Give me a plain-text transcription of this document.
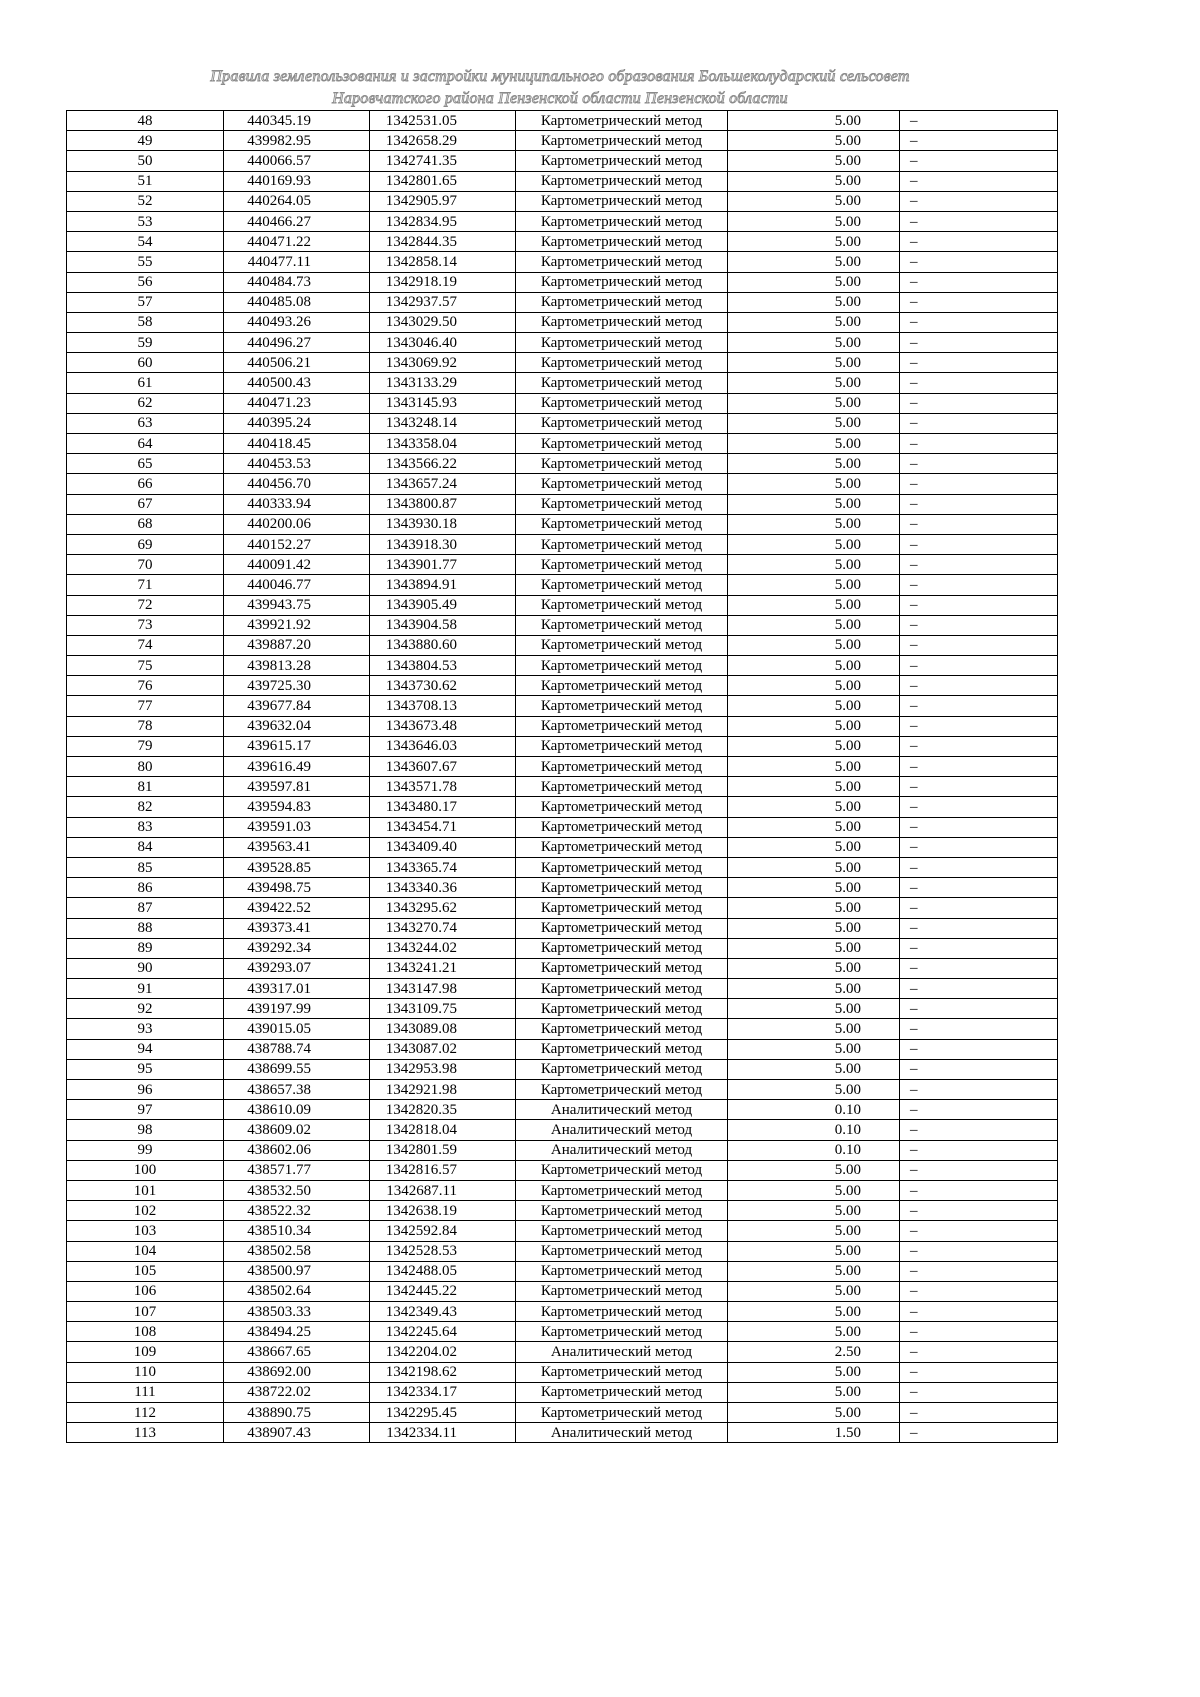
Правила землепользования и застройки муниципального образования Большеколударский сельсовет
Наровчатского района Пензенской области Пензенской области
48	440345.19	1342531.05	Картометрический метод	5.00	–
49	439982.95	1342658.29	Картометрический метод	5.00	–
50	440066.57	1342741.35	Картометрический метод	5.00	–
51	440169.93	1342801.65	Картометрический метод	5.00	–
52	440264.05	1342905.97	Картометрический метод	5.00	–
53	440466.27	1342834.95	Картометрический метод	5.00	–
54	440471.22	1342844.35	Картометрический метод	5.00	–
55	440477.11	1342858.14	Картометрический метод	5.00	–
56	440484.73	1342918.19	Картометрический метод	5.00	–
57	440485.08	1342937.57	Картометрический метод	5.00	–
58	440493.26	1343029.50	Картометрический метод	5.00	–
59	440496.27	1343046.40	Картометрический метод	5.00	–
60	440506.21	1343069.92	Картометрический метод	5.00	–
61	440500.43	1343133.29	Картометрический метод	5.00	–
62	440471.23	1343145.93	Картометрический метод	5.00	–
63	440395.24	1343248.14	Картометрический метод	5.00	–
64	440418.45	1343358.04	Картометрический метод	5.00	–
65	440453.53	1343566.22	Картометрический метод	5.00	–
66	440456.70	1343657.24	Картометрический метод	5.00	–
67	440333.94	1343800.87	Картометрический метод	5.00	–
68	440200.06	1343930.18	Картометрический метод	5.00	–
69	440152.27	1343918.30	Картометрический метод	5.00	–
70	440091.42	1343901.77	Картометрический метод	5.00	–
71	440046.77	1343894.91	Картометрический метод	5.00	–
72	439943.75	1343905.49	Картометрический метод	5.00	–
73	439921.92	1343904.58	Картометрический метод	5.00	–
74	439887.20	1343880.60	Картометрический метод	5.00	–
75	439813.28	1343804.53	Картометрический метод	5.00	–
76	439725.30	1343730.62	Картометрический метод	5.00	–
77	439677.84	1343708.13	Картометрический метод	5.00	–
78	439632.04	1343673.48	Картометрический метод	5.00	–
79	439615.17	1343646.03	Картометрический метод	5.00	–
80	439616.49	1343607.67	Картометрический метод	5.00	–
81	439597.81	1343571.78	Картометрический метод	5.00	–
82	439594.83	1343480.17	Картометрический метод	5.00	–
83	439591.03	1343454.71	Картометрический метод	5.00	–
84	439563.41	1343409.40	Картометрический метод	5.00	–
85	439528.85	1343365.74	Картометрический метод	5.00	–
86	439498.75	1343340.36	Картометрический метод	5.00	–
87	439422.52	1343295.62	Картометрический метод	5.00	–
88	439373.41	1343270.74	Картометрический метод	5.00	–
89	439292.34	1343244.02	Картометрический метод	5.00	–
90	439293.07	1343241.21	Картометрический метод	5.00	–
91	439317.01	1343147.98	Картометрический метод	5.00	–
92	439197.99	1343109.75	Картометрический метод	5.00	–
93	439015.05	1343089.08	Картометрический метод	5.00	–
94	438788.74	1343087.02	Картометрический метод	5.00	–
95	438699.55	1342953.98	Картометрический метод	5.00	–
96	438657.38	1342921.98	Картометрический метод	5.00	–
97	438610.09	1342820.35	Аналитический метод	0.10	–
98	438609.02	1342818.04	Аналитический метод	0.10	–
99	438602.06	1342801.59	Аналитический метод	0.10	–
100	438571.77	1342816.57	Картометрический метод	5.00	–
101	438532.50	1342687.11	Картометрический метод	5.00	–
102	438522.32	1342638.19	Картометрический метод	5.00	–
103	438510.34	1342592.84	Картометрический метод	5.00	–
104	438502.58	1342528.53	Картометрический метод	5.00	–
105	438500.97	1342488.05	Картометрический метод	5.00	–
106	438502.64	1342445.22	Картометрический метод	5.00	–
107	438503.33	1342349.43	Картометрический метод	5.00	–
108	438494.25	1342245.64	Картометрический метод	5.00	–
109	438667.65	1342204.02	Аналитический метод	2.50	–
110	438692.00	1342198.62	Картометрический метод	5.00	–
111	438722.02	1342334.17	Картометрический метод	5.00	–
112	438890.75	1342295.45	Картометрический метод	5.00	–
113	438907.43	1342334.11	Аналитический метод	1.50	–
